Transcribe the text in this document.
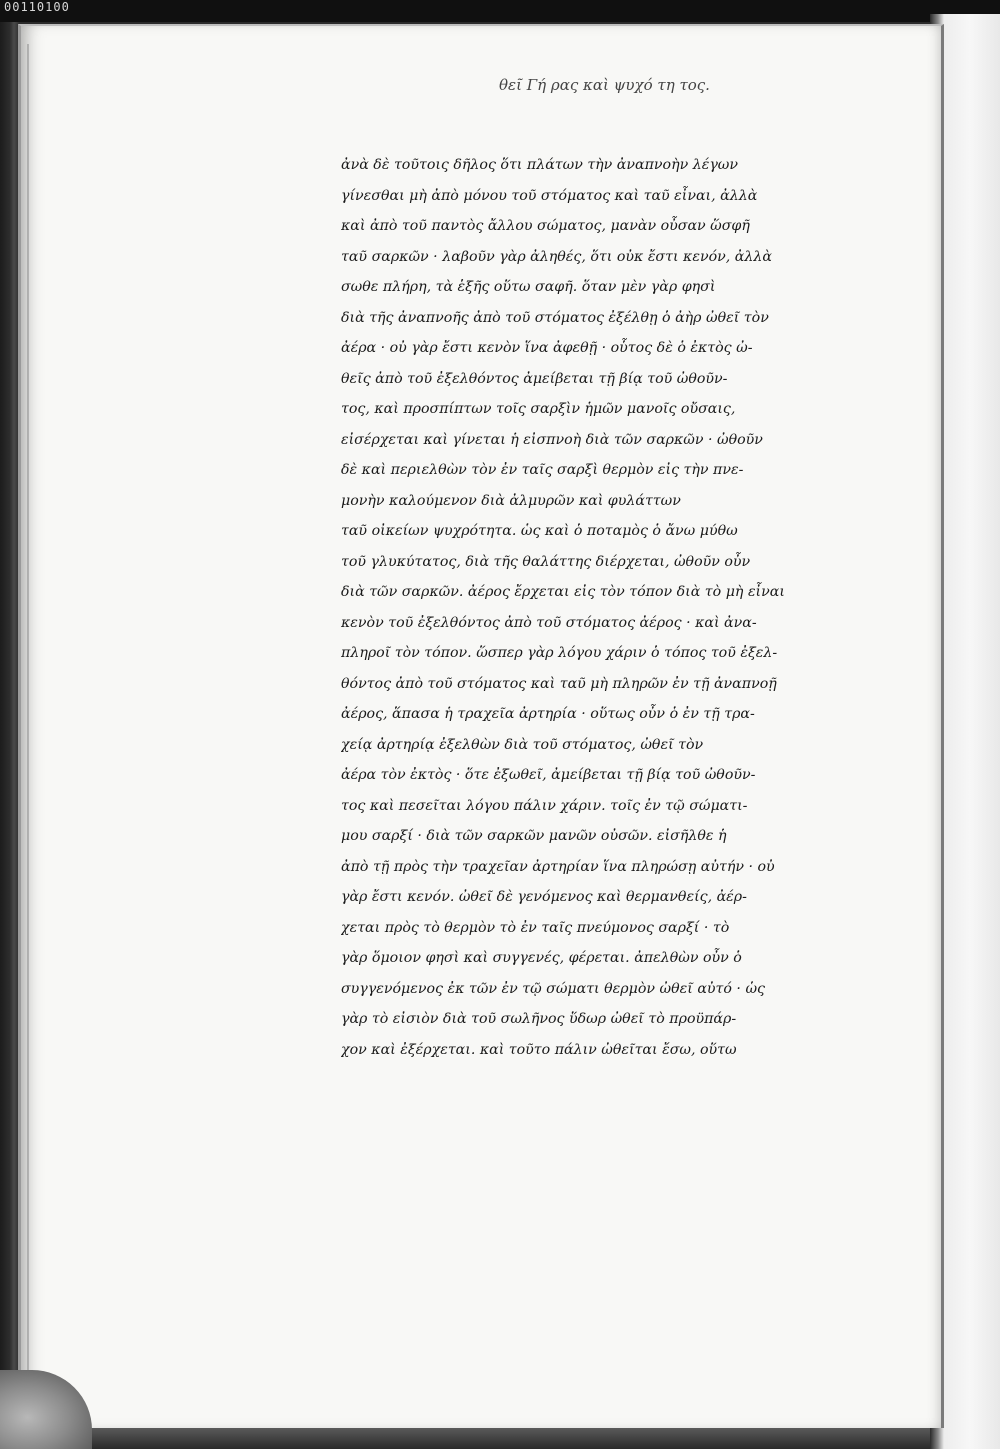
00110100
θεῖ Γή ρας καὶ ψυχό τη τος.
ἀνὰ δὲ τοῦτοις δῆλος ὅτι πλάτων τὴν ἀναπνοὴν λέγων
γίνεσθαι μὴ ἀπὸ μόνου τοῦ στόματος καὶ ταῦ εἶναι, ἀλλὰ
καὶ ἀπὸ τοῦ παντὸς ἄλλου σώματος, μανὰν οὖσαν ὥσφῆ
ταῦ σαρκῶν · λαβοῦν γὰρ ἀληθές, ὅτι οὐκ ἔστι κενόν, ἀλλὰ
σωθε πλήρη, τὰ ἑξῆς οὕτω σαφῆ. ὅταν μὲν γὰρ φησὶ
διὰ τῆς ἀναπνοῆς ἀπὸ τοῦ στόματος ἐξέλθῃ ὁ ἀὴρ ὠθεῖ τὸν
ἀέρα · οὐ γὰρ ἔστι κενὸν ἵνα ἀφεθῇ · οὗτος δὲ ὁ ἐκτὸς ὠ-
θεῖς ἀπὸ τοῦ ἐξελθόντος ἀμείβεται τῇ βίᾳ τοῦ ὠθοῦν-
τος, καὶ προσπίπτων τοῖς σαρξὶν ἡμῶν μανοῖς οὔσαις,
εἰσέρχεται καὶ γίνεται ἡ εἰσπνοὴ διὰ τῶν σαρκῶν · ὠθοῦν
δὲ καὶ περιελθὼν τὸν ἐν ταῖς σαρξὶ θερμὸν εἰς τὴν πνε-
μονὴν καλούμενον διὰ ἀλμυρῶν καὶ φυλάττων
ταῦ οἰκείων ψυχρότητα. ὡς καὶ ὁ ποταμὸς ὁ ἄνω μύθω
τοῦ γλυκύτατος, διὰ τῆς θαλάττης διέρχεται, ὠθοῦν οὖν
διὰ τῶν σαρκῶν. ἀέρος ἔρχεται εἰς τὸν τόπον διὰ τὸ μὴ εἶναι
κενὸν τοῦ ἐξελθόντος ἀπὸ τοῦ στόματος ἀέρος · καὶ ἀνα-
πληροῖ τὸν τόπον. ὥσπερ γὰρ λόγου χάριν ὁ τόπος τοῦ ἐξελ-
θόντος ἀπὸ τοῦ στόματος καὶ ταῦ μὴ πληρῶν ἐν τῇ ἀναπνοῇ
ἀέρος, ἅπασα ἡ τραχεῖα ἀρτηρία · οὕτως οὖν ὁ ἐν τῇ τρα-
χείᾳ ἀρτηρίᾳ ἐξελθὼν διὰ τοῦ στόματος, ὠθεῖ τὸν
ἀέρα τὸν ἐκτὸς · ὅτε ἐξωθεῖ, ἀμείβεται τῇ βίᾳ τοῦ ὠθοῦν-
τος καὶ πεσεῖται λόγου πάλιν χάριν. τοῖς ἐν τῷ σώματι-
μου σαρξί · διὰ τῶν σαρκῶν μανῶν οὐσῶν. εἰσῆλθε ἡ
ἀπὸ τῇ πρὸς τὴν τραχεῖαν ἀρτηρίαν ἵνα πληρώσῃ αὐτήν · οὐ
γὰρ ἔστι κενόν. ὠθεῖ δὲ γενόμενος καὶ θερμανθείς, ἀέρ-
χεται πρὸς τὸ θερμὸν τὸ ἐν ταῖς πνεύμονος σαρξί · τὸ
γὰρ ὅμοιον φησὶ καὶ συγγενές, φέρεται. ἀπελθὼν οὖν ὁ
συγγενόμενος ἐκ τῶν ἐν τῷ σώματι θερμὸν ὠθεῖ αὐτό · ὡς
γὰρ τὸ εἰσιὸν διὰ τοῦ σωλῆνος ὕδωρ ὠθεῖ τὸ προϋπάρ-
χον καὶ ἐξέρχεται. καὶ τοῦτο πάλιν ὠθεῖται ἔσω, οὕτω
